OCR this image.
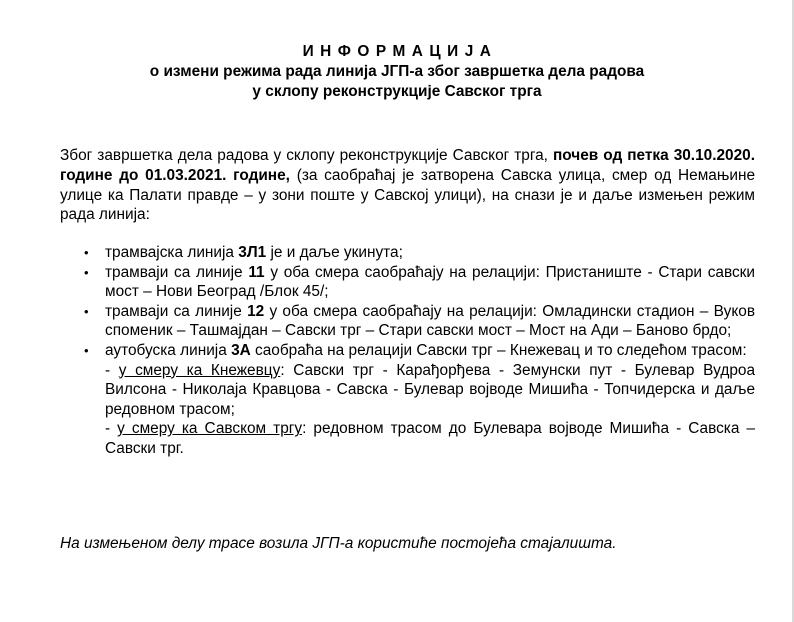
ИНФОРМАЦИЈА
о измени режима рада линија ЈГП-а због завршетка дела радова
у склопу реконструкције Савског трга

Због завршетка дела радова у склопу реконструкције Савског трга, почев од петка 30.10.2020. године до 01.03.2021. године, (за саобраћај је затворена Савска улица, смер од Немањине улице ка Палати правде – у зони поште у Савској улици), на снази је и даље измењен режим рада линија:

•	трамвајска линија 3Л1 је и даље укинута;
•	трамваји са линије 11 у оба смера саобраћају на релацији: Пристаниште - Стари савски мост – Нови Београд /Блок 45/;
•	трамваји са линије 12 у оба смера саобраћају на релацији: Омладински стадион – Вуков споменик – Ташмајдан – Савски трг – Стари савски мост – Мост на Ади – Баново брдо;
•	аутобуска линија 3А саобраћа на релацији Савски трг – Кнежевац и то следећом трасом:
- у смеру ка Кнежевцу: Савски трг - Карађорђева - Земунски пут - Булевар Вудроа Вилсона - Николаја Кравцова - Савска - Булевар војводе Мишића - Топчидерска и даље редовном трасом;
- у смеру ка Савском тргу: редовном трасом до Булевара војводе Мишића - Савска – Савски трг.

На измењеном делу трасе возила ЈГП-а користиће постојећа стајалишта.
